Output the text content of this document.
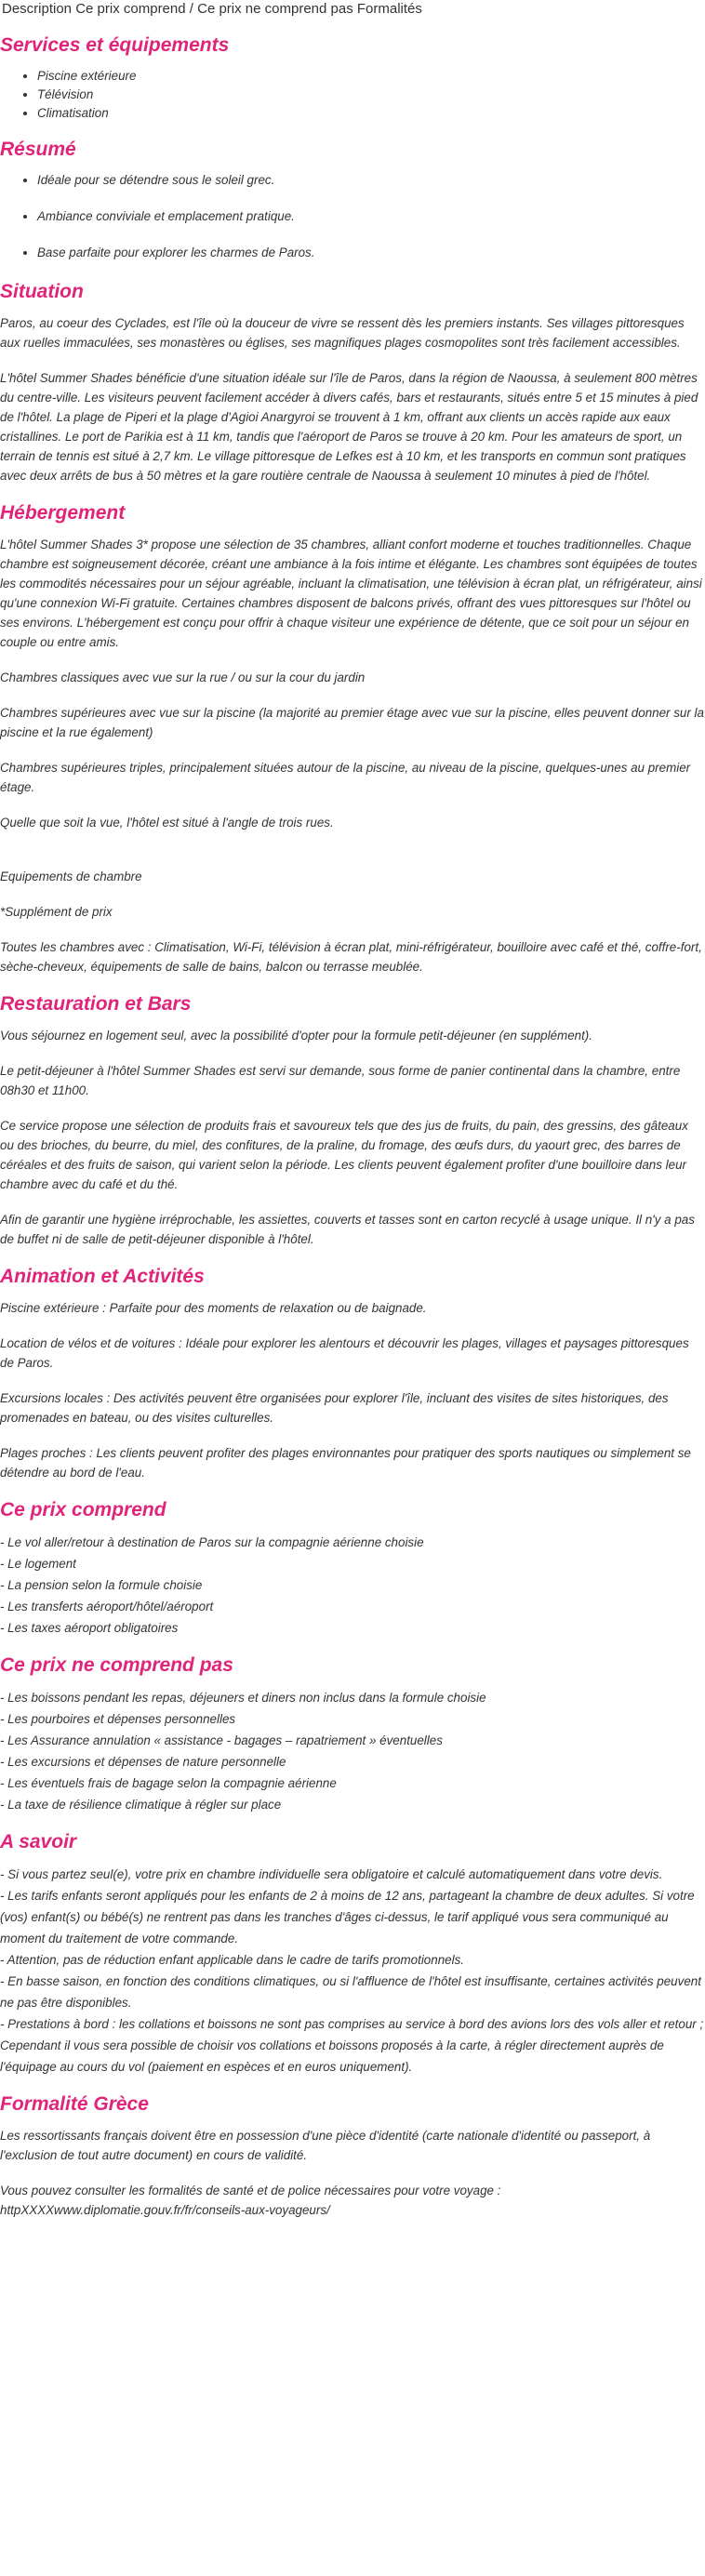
Description Ce prix comprend / Ce prix ne comprend pas Formalités
Services et équipements
• Piscine extérieure
• Télévision
• Climatisation
Résumé
• Idéale pour se détendre sous le soleil grec.
• Ambiance conviviale et emplacement pratique.
• Base parfaite pour explorer les charmes de Paros.
Situation

Paros, au coeur des Cyclades, est l'île où la douceur de vivre se ressent dès les premiers instants. Ses villages pittoresques aux ruelles immaculées, ses monastères ou églises, ses magnifiques plages cosmopolites sont très facilement accessibles.

L'hôtel Summer Shades bénéficie d'une situation idéale sur l'île de Paros, dans la région de Naoussa, à seulement 800 mètres du centre-ville. Les visiteurs peuvent facilement accéder à divers cafés, bars et restaurants, situés entre 5 et 15 minutes à pied de l'hôtel. La plage de Piperi et la plage d'Agioi Anargyroi se trouvent à 1 km, offrant aux clients un accès rapide aux eaux cristallines. Le port de Parikia est à 11 km, tandis que l'aéroport de Paros se trouve à 20 km. Pour les amateurs de sport, un terrain de tennis est situé à 2,7 km. Le village pittoresque de Lefkes est à 10 km, et les transports en commun sont pratiques avec deux arrêts de bus à 50 mètres et la gare routière centrale de Naoussa à seulement 10 minutes à pied de l'hôtel.

Hébergement

L'hôtel Summer Shades 3* propose une sélection de 35 chambres, alliant confort moderne et touches traditionnelles. Chaque chambre est soigneusement décorée, créant une ambiance à la fois intime et élégante. Les chambres sont équipées de toutes les commodités nécessaires pour un séjour agréable, incluant la climatisation, une télévision à écran plat, un réfrigérateur, ainsi qu'une connexion Wi-Fi gratuite. Certaines chambres disposent de balcons privés, offrant des vues pittoresques sur l'hôtel ou ses environs. L'hébergement est conçu pour offrir à chaque visiteur une expérience de détente, que ce soit pour un séjour en couple ou entre amis.

Chambres classiques avec vue sur la rue / ou sur la cour du jardin

Chambres supérieures avec vue sur la piscine (la majorité au premier étage avec vue sur la piscine, elles peuvent donner sur la piscine et la rue également)

Chambres supérieures triples, principalement situées autour de la piscine, au niveau de la piscine, quelques-unes au premier étage.

Quelle que soit la vue, l'hôtel est situé à l'angle de trois rues.

Equipements de chambre

*Supplément de prix

Toutes les chambres avec : Climatisation, Wi-Fi, télévision à écran plat, mini-réfrigérateur, bouilloire avec café et thé, coffre-fort, sèche-cheveux, équipements de salle de bains, balcon ou terrasse meublée.

Restauration et Bars

Vous séjournez en logement seul, avec la possibilité d'opter pour la formule petit-déjeuner (en supplément).

Le petit-déjeuner à l'hôtel Summer Shades est servi sur demande, sous forme de panier continental dans la chambre, entre 08h30 et 11h00.

Ce service propose une sélection de produits frais et savoureux tels que des jus de fruits, du pain, des gressins, des gâteaux ou des brioches, du beurre, du miel, des confitures, de la praline, du fromage, des œufs durs, du yaourt grec, des barres de céréales et des fruits de saison, qui varient selon la période. Les clients peuvent également profiter d'une bouilloire dans leur chambre avec du café et du thé.

Afin de garantir une hygiène irréprochable, les assiettes, couverts et tasses sont en carton recyclé à usage unique. Il n'y a pas de buffet ni de salle de petit-déjeuner disponible à l'hôtel.

Animation et Activités

Piscine extérieure : Parfaite pour des moments de relaxation ou de baignade.

Location de vélos et de voitures : Idéale pour explorer les alentours et découvrir les plages, villages et paysages pittoresques de Paros.

Excursions locales : Des activités peuvent être organisées pour explorer l'île, incluant des visites de sites historiques, des promenades en bateau, ou des visites culturelles.

Plages proches : Les clients peuvent profiter des plages environnantes pour pratiquer des sports nautiques ou simplement se détendre au bord de l'eau.

Ce prix comprend
- Le vol aller/retour à destination de Paros sur la compagnie aérienne choisie
- Le logement
- La pension selon la formule choisie
- Les transferts aéroport/hôtel/aéroport
- Les taxes aéroport obligatoires
Ce prix ne comprend pas
- Les boissons pendant les repas, déjeuners et diners non inclus dans la formule choisie
- Les pourboires et dépenses personnelles
- Les Assurance annulation « assistance - bagages – rapatriement » éventuelles
- Les excursions et dépenses de nature personnelle
- Les éventuels frais de bagage selon la compagnie aérienne
- La taxe de résilience climatique à régler sur place
A savoir
- Si vous partez seul(e), votre prix en chambre individuelle sera obligatoire et calculé automatiquement dans votre devis.
- Les tarifs enfants seront appliqués pour les enfants de 2 à moins de 12 ans, partageant la chambre de deux adultes. Si votre (vos) enfant(s) ou bébé(s) ne rentrent pas dans les tranches d'âges ci-dessus, le tarif appliqué vous sera communiqué au moment du traitement de votre commande.
- Attention, pas de réduction enfant applicable dans le cadre de tarifs promotionnels.
- En basse saison, en fonction des conditions climatiques, ou si l'affluence de l'hôtel est insuffisante, certaines activités peuvent ne pas être disponibles.
- Prestations à bord : les collations et boissons ne sont pas comprises au service à bord des avions lors des vols aller et retour ; Cependant il vous sera possible de choisir vos collations et boissons proposés à la carte, à régler directement auprès de l'équipage au cours du vol (paiement en espèces et en euros uniquement).
Formalité Grèce

Les ressortissants français doivent être en possession d'une pièce d'identité (carte nationale d'identité ou passeport, à l'exclusion de tout autre document) en cours de validité.

Vous pouvez consulter les formalités de santé et de police nécessaires pour votre voyage :

httpXXXXwww.diplomatie.gouv.fr/fr/conseils-aux-voyageurs/
